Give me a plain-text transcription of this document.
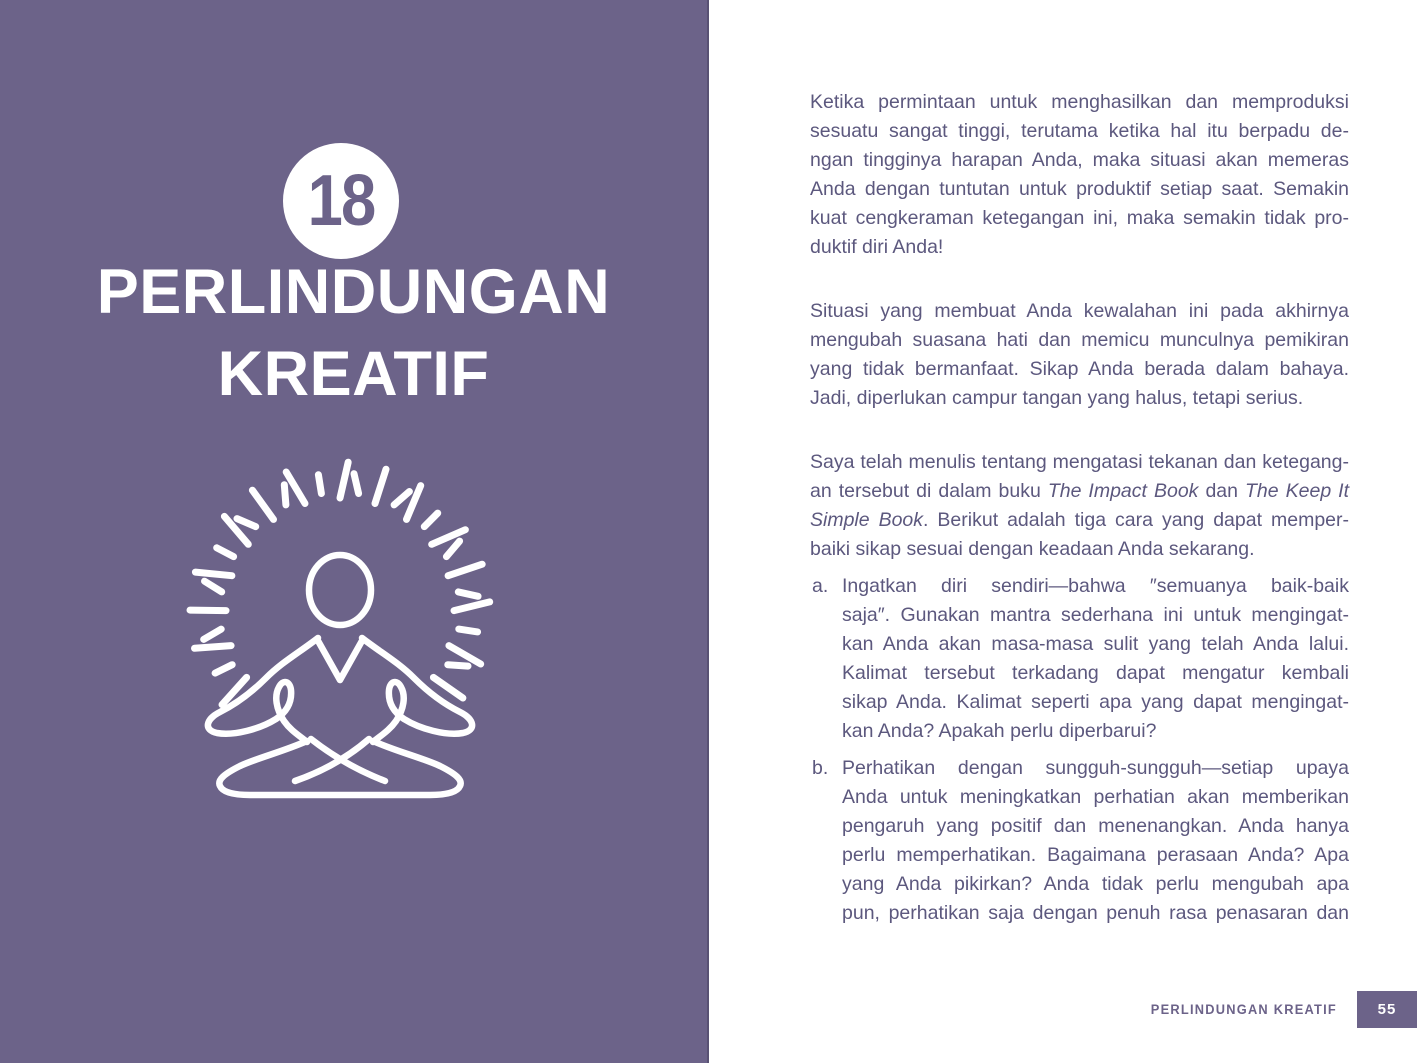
18
PERLINDUNGAN
KREATIF
Ketika permintaan untuk menghasilkan dan memproduksi
sesuatu sangat tinggi, terutama ketika hal itu berpadu de-
ngan tingginya harapan Anda, maka situasi akan memeras
Anda dengan tuntutan untuk produktif setiap saat. Semakin
kuat cengkeraman ketegangan ini, maka semakin tidak pro-
duktif diri Anda!
Situasi yang membuat Anda kewalahan ini pada akhirnya
mengubah suasana hati dan memicu munculnya pemikiran
yang tidak bermanfaat. Sikap Anda berada dalam bahaya.
Jadi, diperlukan campur tangan yang halus, tetapi serius.
Saya telah menulis tentang mengatasi tekanan dan ketegang-
an tersebut di dalam buku The Impact Book dan The Keep It
Simple Book. Berikut adalah tiga cara yang dapat memper-
baiki sikap sesuai dengan keadaan Anda sekarang.
a. Ingatkan diri sendiri—bahwa ″semuanya baik-baik
saja″. Gunakan mantra sederhana ini untuk mengingat-
kan Anda akan masa-masa sulit yang telah Anda lalui.
Kalimat tersebut terkadang dapat mengatur kembali
sikap Anda. Kalimat seperti apa yang dapat mengingat-
kan Anda? Apakah perlu diperbarui?
b. Perhatikan dengan sungguh-sungguh—setiap upaya
Anda untuk meningkatkan perhatian akan memberikan
pengaruh yang positif dan menenangkan. Anda hanya
perlu memperhatikan. Bagaimana perasaan Anda? Apa
yang Anda pikirkan? Anda tidak perlu mengubah apa
pun, perhatikan saja dengan penuh rasa penasaran dan
PERLINDUNGAN KREATIF	55
